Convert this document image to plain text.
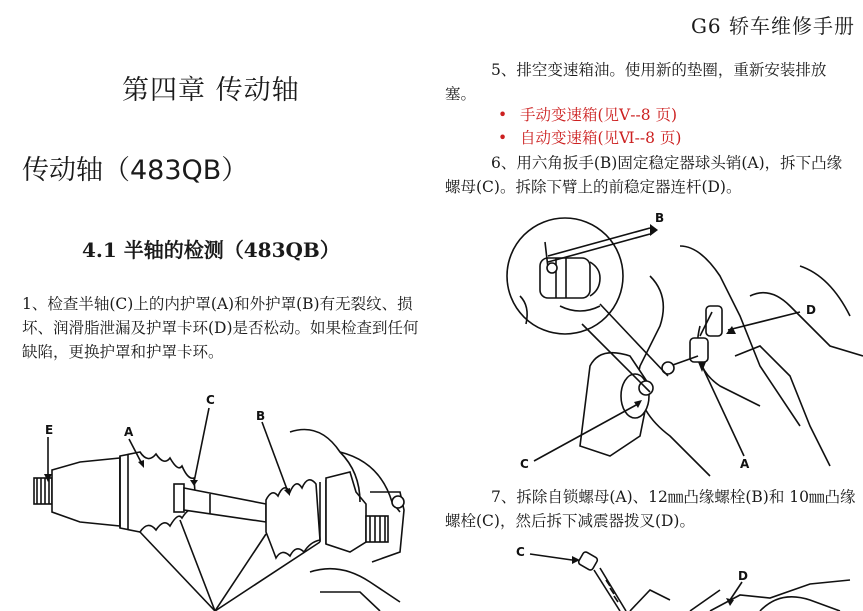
G6 轿车维修手册
第四章 传动轴
传动轴（483QB）
4.1 半轴的检测（483QB）
1、检查半轴(C)上的内护罩(A)和外护罩(B)有无裂纹、损坏、润滑脂泄漏及护罩卡环(D)是否松动。如果检查到任何缺陷，更换护罩和护罩卡环。
E	A
C
B
5、排空变速箱油。使用新的垫圈，重新安装排放塞。
• 手动变速箱(见Ⅴ--8 页)
• 自动变速箱(见Ⅵ--8 页)
6、用六角扳手(B)固定稳定器球头销(A)，拆下凸缘螺母(C)。拆除下臂上的前稳定器连杆(D)。
B
D
C	A
7、拆除自锁螺母(A)、12㎜凸缘螺栓(B)和 10㎜凸缘螺栓(C)，然后拆下减震器拨叉(D)。
C
D
